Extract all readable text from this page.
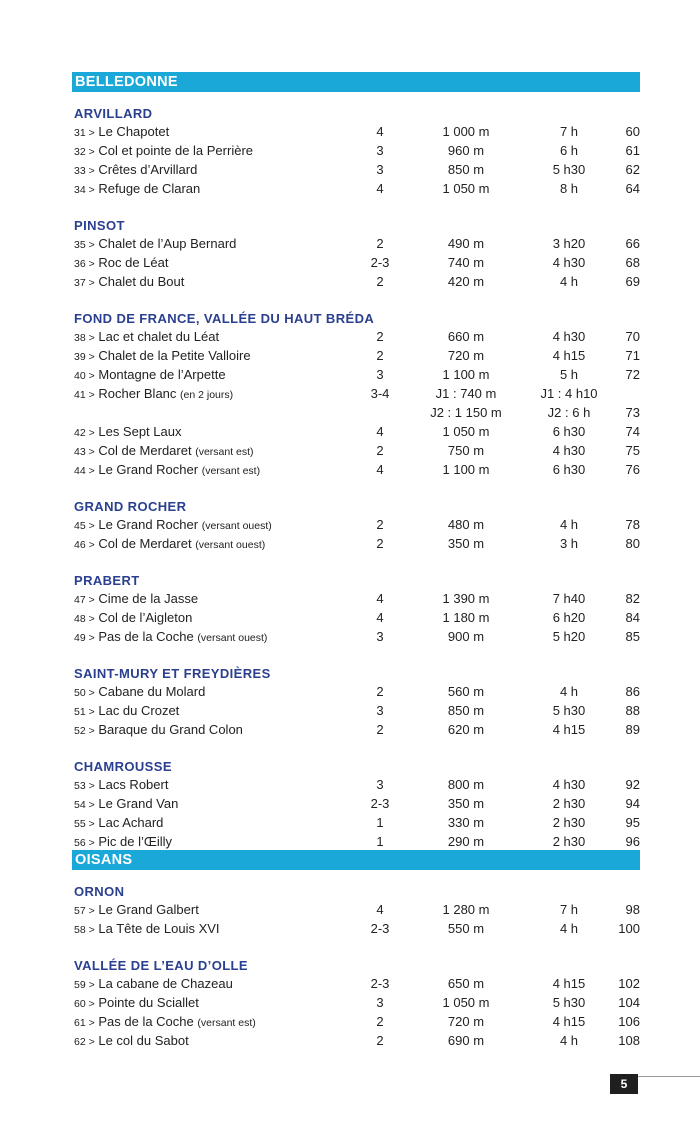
BELLEDONNE
ARVILLARD
31 > Le Chapotet	4	1 000 m	7 h	60
32 > Col et pointe de la Perrière	3	960 m	6 h	61
33 > Crêtes d’Arvillard	3	850 m	5 h30	62
34 > Refuge de Claran	4	1 050 m	8 h	64
PINSOT
35 > Chalet de l’Aup Bernard	2	490 m	3 h20	66
36 > Roc de Léat	2-3	740 m	4 h30	68
37 > Chalet du Bout	2	420 m	4 h	69
FOND DE FRANCE, VALLÉE DU HAUT BRÉDA
38 > Lac et chalet du Léat	2	660 m	4 h30	70
39 > Chalet de la Petite Valloire	2	720 m	4 h15	71
40 > Montagne de l’Arpette	3	1 100 m	5 h	72
41 > Rocher Blanc (en 2 jours)	3-4	J1 : 740 m	J1 : 4 h10
J2 : 1 150 m	J2 : 6 h	73
42 > Les Sept Laux	4	1 050 m	6 h30	74
43 > Col de Merdaret (versant est)	2	750 m	4 h30	75
44 > Le Grand Rocher (versant est)	4	1 100 m	6 h30	76
GRAND ROCHER
45 > Le Grand Rocher (versant ouest)	2	480 m	4 h	78
46 > Col de Merdaret (versant ouest)	2	350 m	3 h	80
PRABERT
47 > Cime de la Jasse	4	1 390 m	7 h40	82
48 > Col de l’Aigleton	4	1 180 m	6 h20	84
49 > Pas de la Coche (versant ouest)	3	900 m	5 h20	85
SAINT-MURY ET FREYDIÈRES
50 > Cabane du Molard	2	560 m	4 h	86
51 > Lac du Crozet	3	850 m	5 h30	88
52 > Baraque du Grand Colon	2	620 m	4 h15	89
CHAMROUSSE
53 > Lacs Robert	3	800 m	4 h30	92
54 > Le Grand Van	2-3	350 m	2 h30	94
55 > Lac Achard	1	330 m	2 h30	95
56 > Pic de l’Œilly	1	290 m	2 h30	96
OISANS
ORNON
57 > Le Grand Galbert	4	1 280 m	7 h	98
58 > La Tête de Louis XVI	2-3	550 m	4 h	100
VALLÉE DE L’EAU D’OLLE
59 > La cabane de Chazeau	2-3	650 m	4 h15	102
60 > Pointe du Sciallet	3	1 050 m	5 h30	104
61 > Pas de la Coche (versant est)	2	720 m	4 h15	106
62 > Le col du Sabot	2	690 m	4 h	108
5
